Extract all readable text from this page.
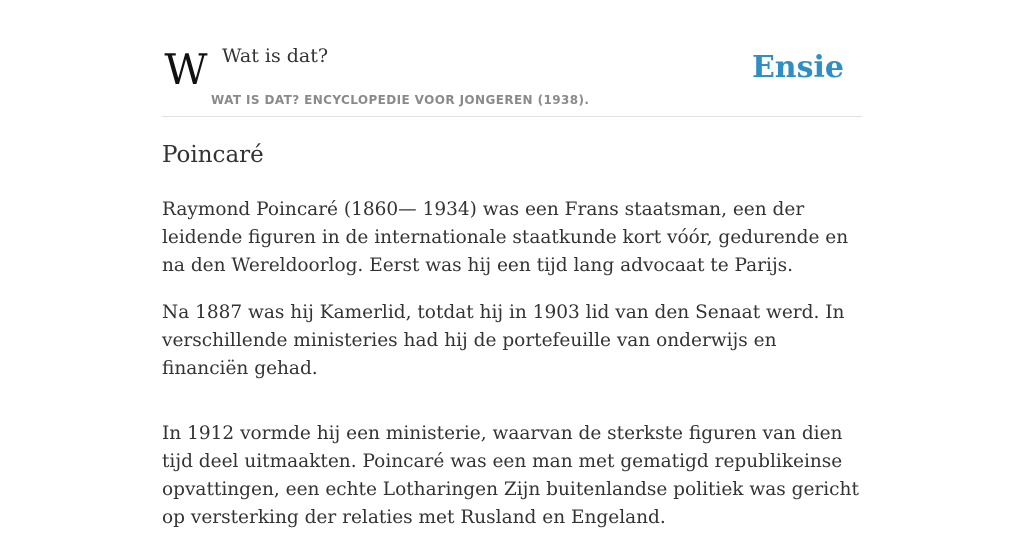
W Wat is dat?
WAT IS DAT? ENCYCLOPEDIE VOOR JONGEREN (1938).
Ensie
Poincaré

Raymond Poincaré (1860— 1934) was een Frans staatsman, een der leidende figuren in de internationale staatkunde kort vóór, gedurende en na den Wereldoorlog. Eerst was hij een tijd lang advocaat te Parijs.

Na 1887 was hij Kamerlid, totdat hij in 1903 lid van den Senaat werd. In verschillende ministeries had hij de portefeuille van onderwijs en financiën gehad.

In 1912 vormde hij een ministerie, waarvan de sterkste figuren van dien tijd deel uitmaakten. Poincaré was een man met gematigd republikeinse opvattingen, een echte Lotharingen Zijn buitenlandse politiek was gericht op versterking der relaties met Rusland en Engeland.
